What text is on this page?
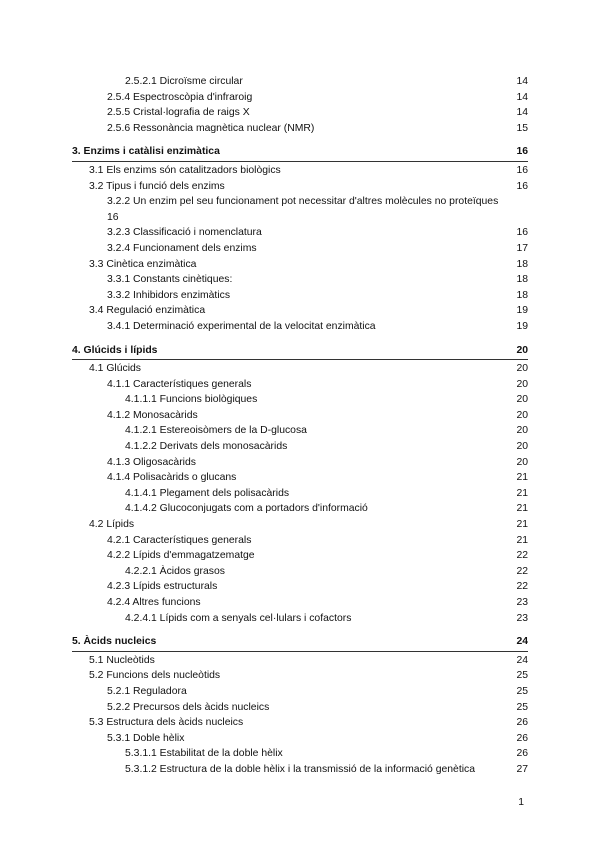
2.5.2.1 Dicroïsme circular	14
2.5.4 Espectroscòpia d'infraroig	14
2.5.5 Cristal·lografia de raigs X	14
2.5.6 Ressonància magnètica nuclear (NMR)	15
3. Enzims i catàlisi enzimàtica	16
3.1 Els enzims són catalitzadors biològics	16
3.2 Tipus i funció dels enzims	16
3.2.2 Un enzim pel seu funcionament pot necessitar d'altres molècules no proteïques
16
3.2.3 Classificació i nomenclatura	16
3.2.4 Funcionament dels enzims	17
3.3 Cinètica enzimàtica	18
3.3.1 Constants cinètiques:	18
3.3.2 Inhibidors enzimàtics	18
3.4 Regulació enzimàtica	19
3.4.1 Determinació experimental de la velocitat enzimàtica	19
4. Glúcids i lípids	20
4.1 Glúcids	20
4.1.1 Característiques generals	20
4.1.1.1 Funcions biològiques	20
4.1.2 Monosacàrids	20
4.1.2.1 Estereoisòmers de la D-glucosa	20
4.1.2.2 Derivats dels monosacàrids	20
4.1.3 Oligosacàrids	20
4.1.4 Polisacàrids o glucans	21
4.1.4.1 Plegament dels polisacàrids	21
4.1.4.2 Glucoconjugats com a portadors d'informació	21
4.2 Lípids	21
4.2.1 Característiques generals	21
4.2.2 Lípids d'emmagatzematge	22
4.2.2.1 Àcidos grasos	22
4.2.3 Lípids estructurals	22
4.2.4 Altres funcions	23
4.2.4.1 Lípids com a senyals cel·lulars i cofactors	23
5. Àcids nucleics	24
5.1 Nucleòtids	24
5.2 Funcions dels nucleòtids	25
5.2.1 Reguladora	25
5.2.2 Precursos dels àcids nucleics	25
5.3 Estructura dels àcids nucleics	26
5.3.1 Doble hèlix	26
5.3.1.1 Estabilitat de la doble hèlix	26
5.3.1.2 Estructura de la doble hèlix i la transmissió de la informació genètica	27
1
